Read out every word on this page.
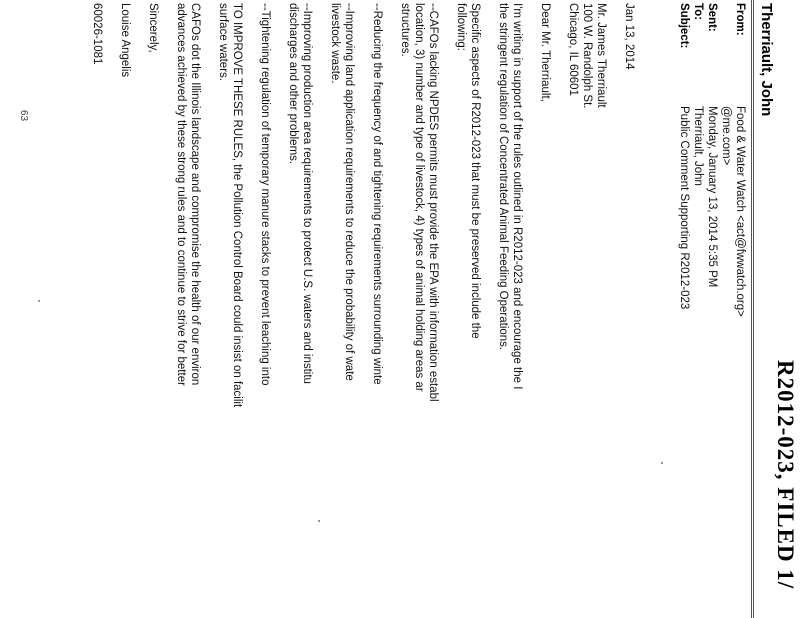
R2012-023, FILED 1/
Therriault, John
From:
Food & Water Watch <act@fwwatch.org>
@me.com>
Sent:
Monday, January 13, 2014 5:35 PM
To:
Therriault, John
Subject:
Public Comment Supporting R2012-023
Jan 13, 2014
Mr. James Therriault
100 W. Randolph St.
Chicago, IL 60601
Dear Mr. Therriault,
I'm writing in support of the rules outlined in R2012-023 and encourage the I
the stringent regulation of Concentrated Animal Feeding Operations.
Specific aspects of R2012-023 that must be preserved include the
following:
--CAFOs lacking NPDES permits must provide the EPA with information establ
location, 3) number and type of livestock, 4) types of animal holding areas ar
structures.
--Reducing the frequency of and tightening requirements surrounding winte
--Improving land application requirements to reduce the probability of wate
livestock waste.
--Improving production area requirements to protect U.S. waters and institu
discharges and other problems.
--Tightening regulation of temporary manure stacks to prevent leaching into
TO IMPROVE THESE RULES, the Pollution Control Board could insist on facilit
surface waters.
CAFOs dot the Illinois landscape and compromise the health of our environ
advances achieved by these strong rules and to continue to strive for better
Sincerely,
Louise Angelis
60026-1081
63
